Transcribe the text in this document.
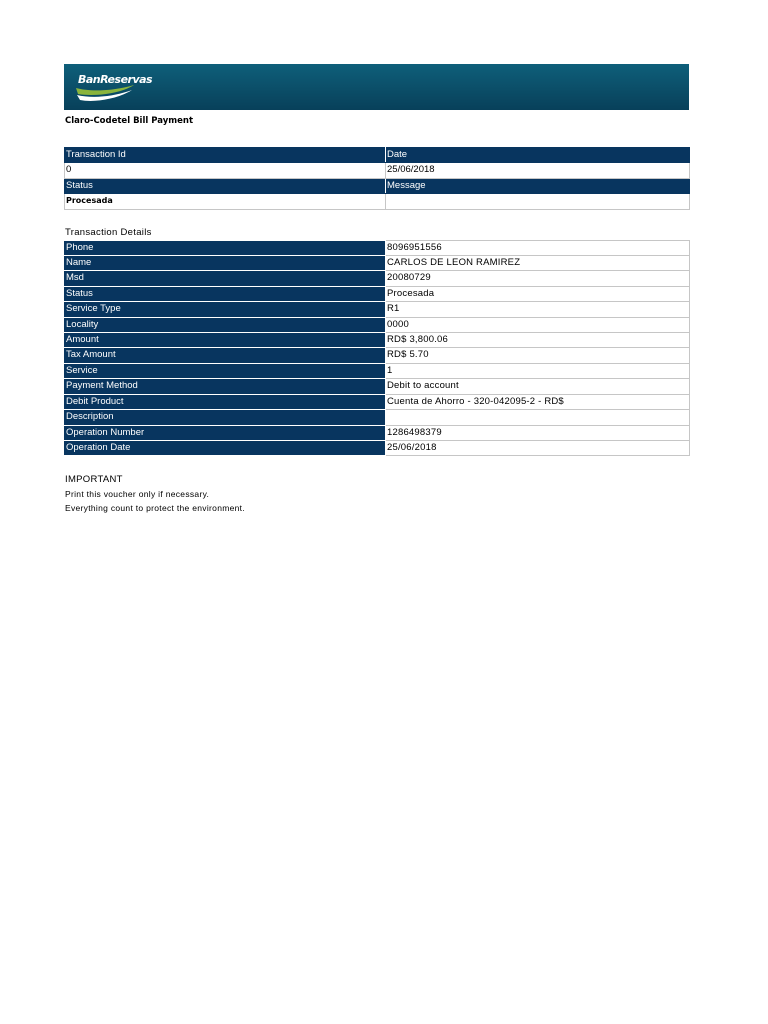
BanReservas
Claro-Codetel Bill Payment
Transaction Id	Date
0	25/06/2018
Status	Message
Procesada	
Transaction Details
Phone	8096951556
Name	CARLOS DE LEON RAMIREZ
Msd	20080729
Status	Procesada
Service Type	R1
Locality	0000
Amount	RD$ 3,800.06
Tax Amount	RD$ 5.70
Service	1
Payment Method	Debit to account
Debit Product	Cuenta de Ahorro - 320-042095-2 - RD$
Description	
Operation Number	1286498379
Operation Date	25/06/2018
IMPORTANT
Print this voucher only if necessary.
Everything count to protect the environment.
